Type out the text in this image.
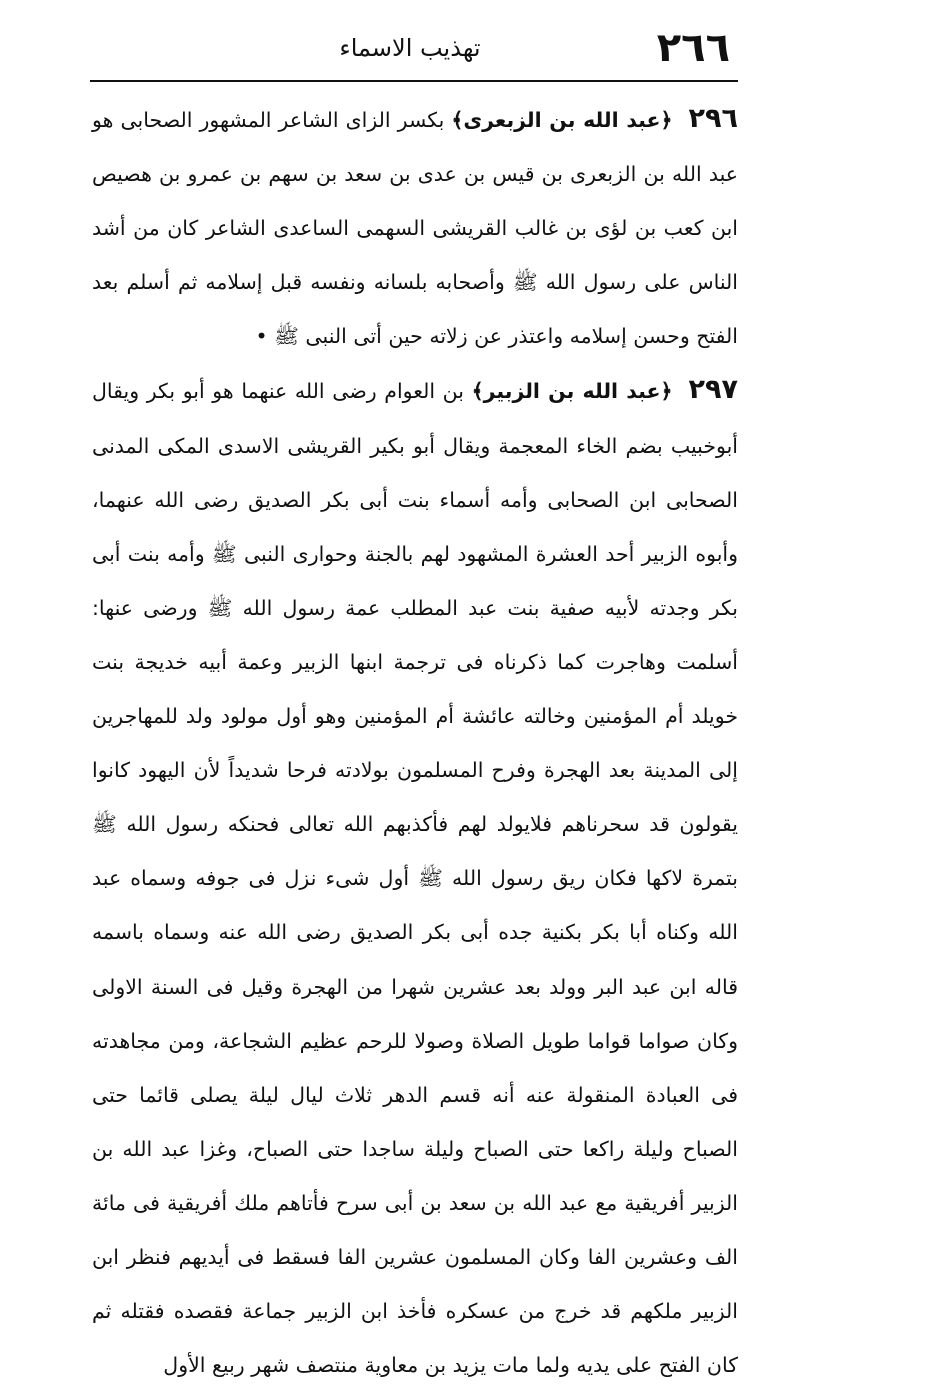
٢٦٦
تهذيب الاسماء

٢٩٦﴿عبد الله بن الزبعرى﴾ بكسر الزاى الشاعر المشهور الصحابى هو عبد الله بن الزبعرى بن قيس بن عدى بن سعد بن سهم بن عمرو بن هصيص ابن كعب بن لؤى بن غالب القريشى السهمى الساعدى الشاعر كان من أشد الناس على رسول الله ﷺ وأصحابه بلسانه ونفسه قبل إسلامه ثم أسلم بعد الفتح وحسن إسلامه واعتذر عن زلاته حين أتى النبى ﷺ •

٢٩٧﴿عبد الله بن الزبير﴾ بن العوام رضى الله عنهما هو أبو بكر ويقال أبوخبيب بضم الخاء المعجمة ويقال أبو بكير القريشى الاسدى المكى المدنى الصحابى ابن الصحابى وأمه أسماء بنت أبى بكر الصديق رضى الله عنهما، وأبوه الزبير أحد العشرة المشهود لهم بالجنة وحوارى النبى ﷺ وأمه بنت أبى بكر وجدته لأبيه صفية بنت عبد المطلب عمة رسول الله ﷺ ورضى عنها: أسلمت وهاجرت كما ذكرناه فى ترجمة ابنها الزبير وعمة أبيه خديجة بنت خويلد أم المؤمنين وخالته عائشة أم المؤمنين وهو أول مولود ولد للمهاجرين إلى المدينة بعد الهجرة وفرح المسلمون بولادته فرحا شديداً لأن اليهود كانوا يقولون قد سحرناهم فلايولد لهم فأكذبهم الله تعالى فحنكه رسول الله ﷺ بتمرة لاكها فكان ريق رسول الله ﷺ أول شىء نزل فى جوفه وسماه عبد الله وكناه أبا بكر بكنية جده أبى بكر الصديق رضى الله عنه وسماه باسمه قاله ابن عبد البر وولد بعد عشرين شهرا من الهجرة وقيل فى السنة الاولى وكان صواما قواما طويل الصلاة وصولا للرحم عظيم الشجاعة، ومن مجاهدته فى العبادة المنقولة عنه أنه قسم الدهر ثلاث ليال ليلة يصلى قائما حتى الصباح وليلة راكعا حتى الصباح وليلة ساجدا حتى الصباح، وغزا عبد الله بن الزبير أفريقية مع عبد الله بن سعد بن أبى سرح فأتاهم ملك أفريقية فى مائة الف وعشرين الفا وكان المسلمون عشرين الفا فسقط فى أيديهم فنظر ابن الزبير ملكهم قد خرج من عسكره فأخذ ابن الزبير جماعة فقصده فقتله ثم كان الفتح على يديه ولما مات يزيد بن معاوية منتصف شهر ربيع الأول
